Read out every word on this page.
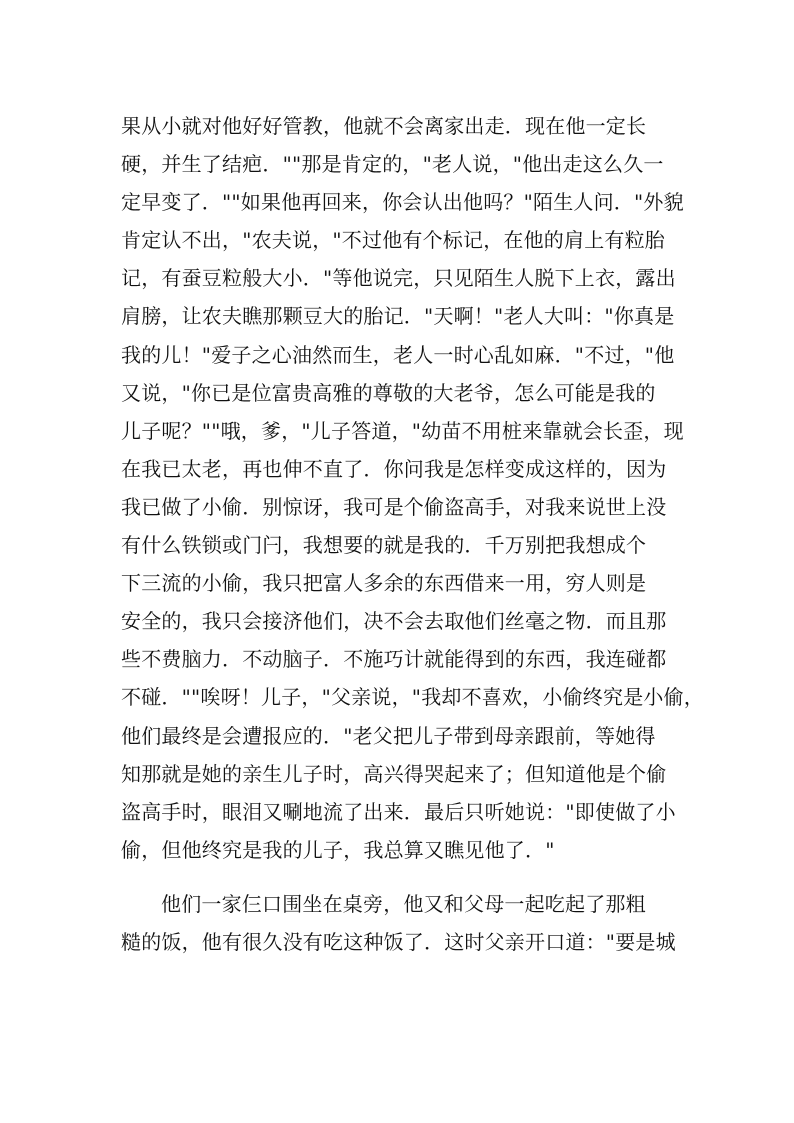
果从小就对他好好管教，他就不会离家出走．现在他一定长
硬，并生了结疤．""那是肯定的，"老人说，"他出走这么久一
定早变了．""如果他再回来，你会认出他吗？"陌生人问．"外貌
肯定认不出，"农夫说，"不过他有个标记，在他的肩上有粒胎
记，有蚕豆粒般大小．"等他说完，只见陌生人脱下上衣，露出
肩膀，让农夫瞧那颗豆大的胎记．"天啊！"老人大叫："你真是
我的儿！"爱子之心油然而生，老人一时心乱如麻．"不过，"他
又说，"你已是位富贵高雅的尊敬的大老爷，怎么可能是我的
儿子呢？""哦，爹，"儿子答道，"幼苗不用桩来靠就会长歪，现
在我已太老，再也伸不直了．你问我是怎样变成这样的，因为
我已做了小偷．别惊讶，我可是个偷盗高手，对我来说世上没
有什么铁锁或门闩，我想要的就是我的．千万别把我想成个
下三流的小偷，我只把富人多余的东西借来一用，穷人则是
安全的，我只会接济他们，决不会去取他们丝毫之物．而且那
些不费脑力．不动脑子．不施巧计就能得到的东西，我连碰都
不碰．""唉呀！儿子，"父亲说，"我却不喜欢，小偷终究是小偷，
他们最终是会遭报应的．"老父把儿子带到母亲跟前，等她得
知那就是她的亲生儿子时，高兴得哭起来了；但知道他是个偷
盗高手时，眼泪又唰地流了出来．最后只听她说："即使做了小
偷，但他终究是我的儿子，我总算又瞧见他了．"
他们一家仨口围坐在桌旁，他又和父母一起吃起了那粗
糙的饭，他有很久没有吃这种饭了．这时父亲开口道："要是城
